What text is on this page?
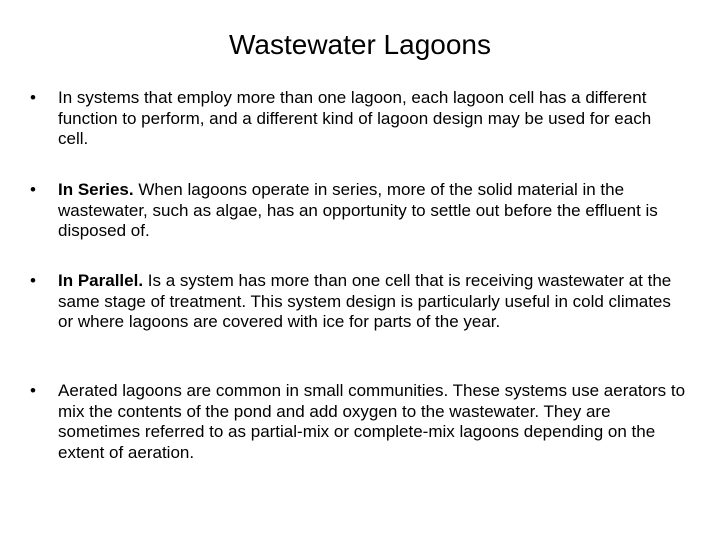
Wastewater Lagoons
• In systems that employ more than one lagoon, each lagoon cell has a different function to perform, and a different kind of lagoon design may be used for each cell.
• In Series. When lagoons operate in series, more of the solid material in the wastewater, such as algae, has an opportunity to settle out before the effluent is disposed of.
• In Parallel. Is a system has more than one cell that is receiving wastewater at the same stage of treatment. This system design is particularly useful in cold climates or where lagoons are covered with ice for parts of the year.
• Aerated lagoons are common in small communities. These systems use aerators to mix the contents of the pond and add oxygen to the wastewater. They are sometimes referred to as partial-mix or complete-mix lagoons depending on the extent of aeration.
